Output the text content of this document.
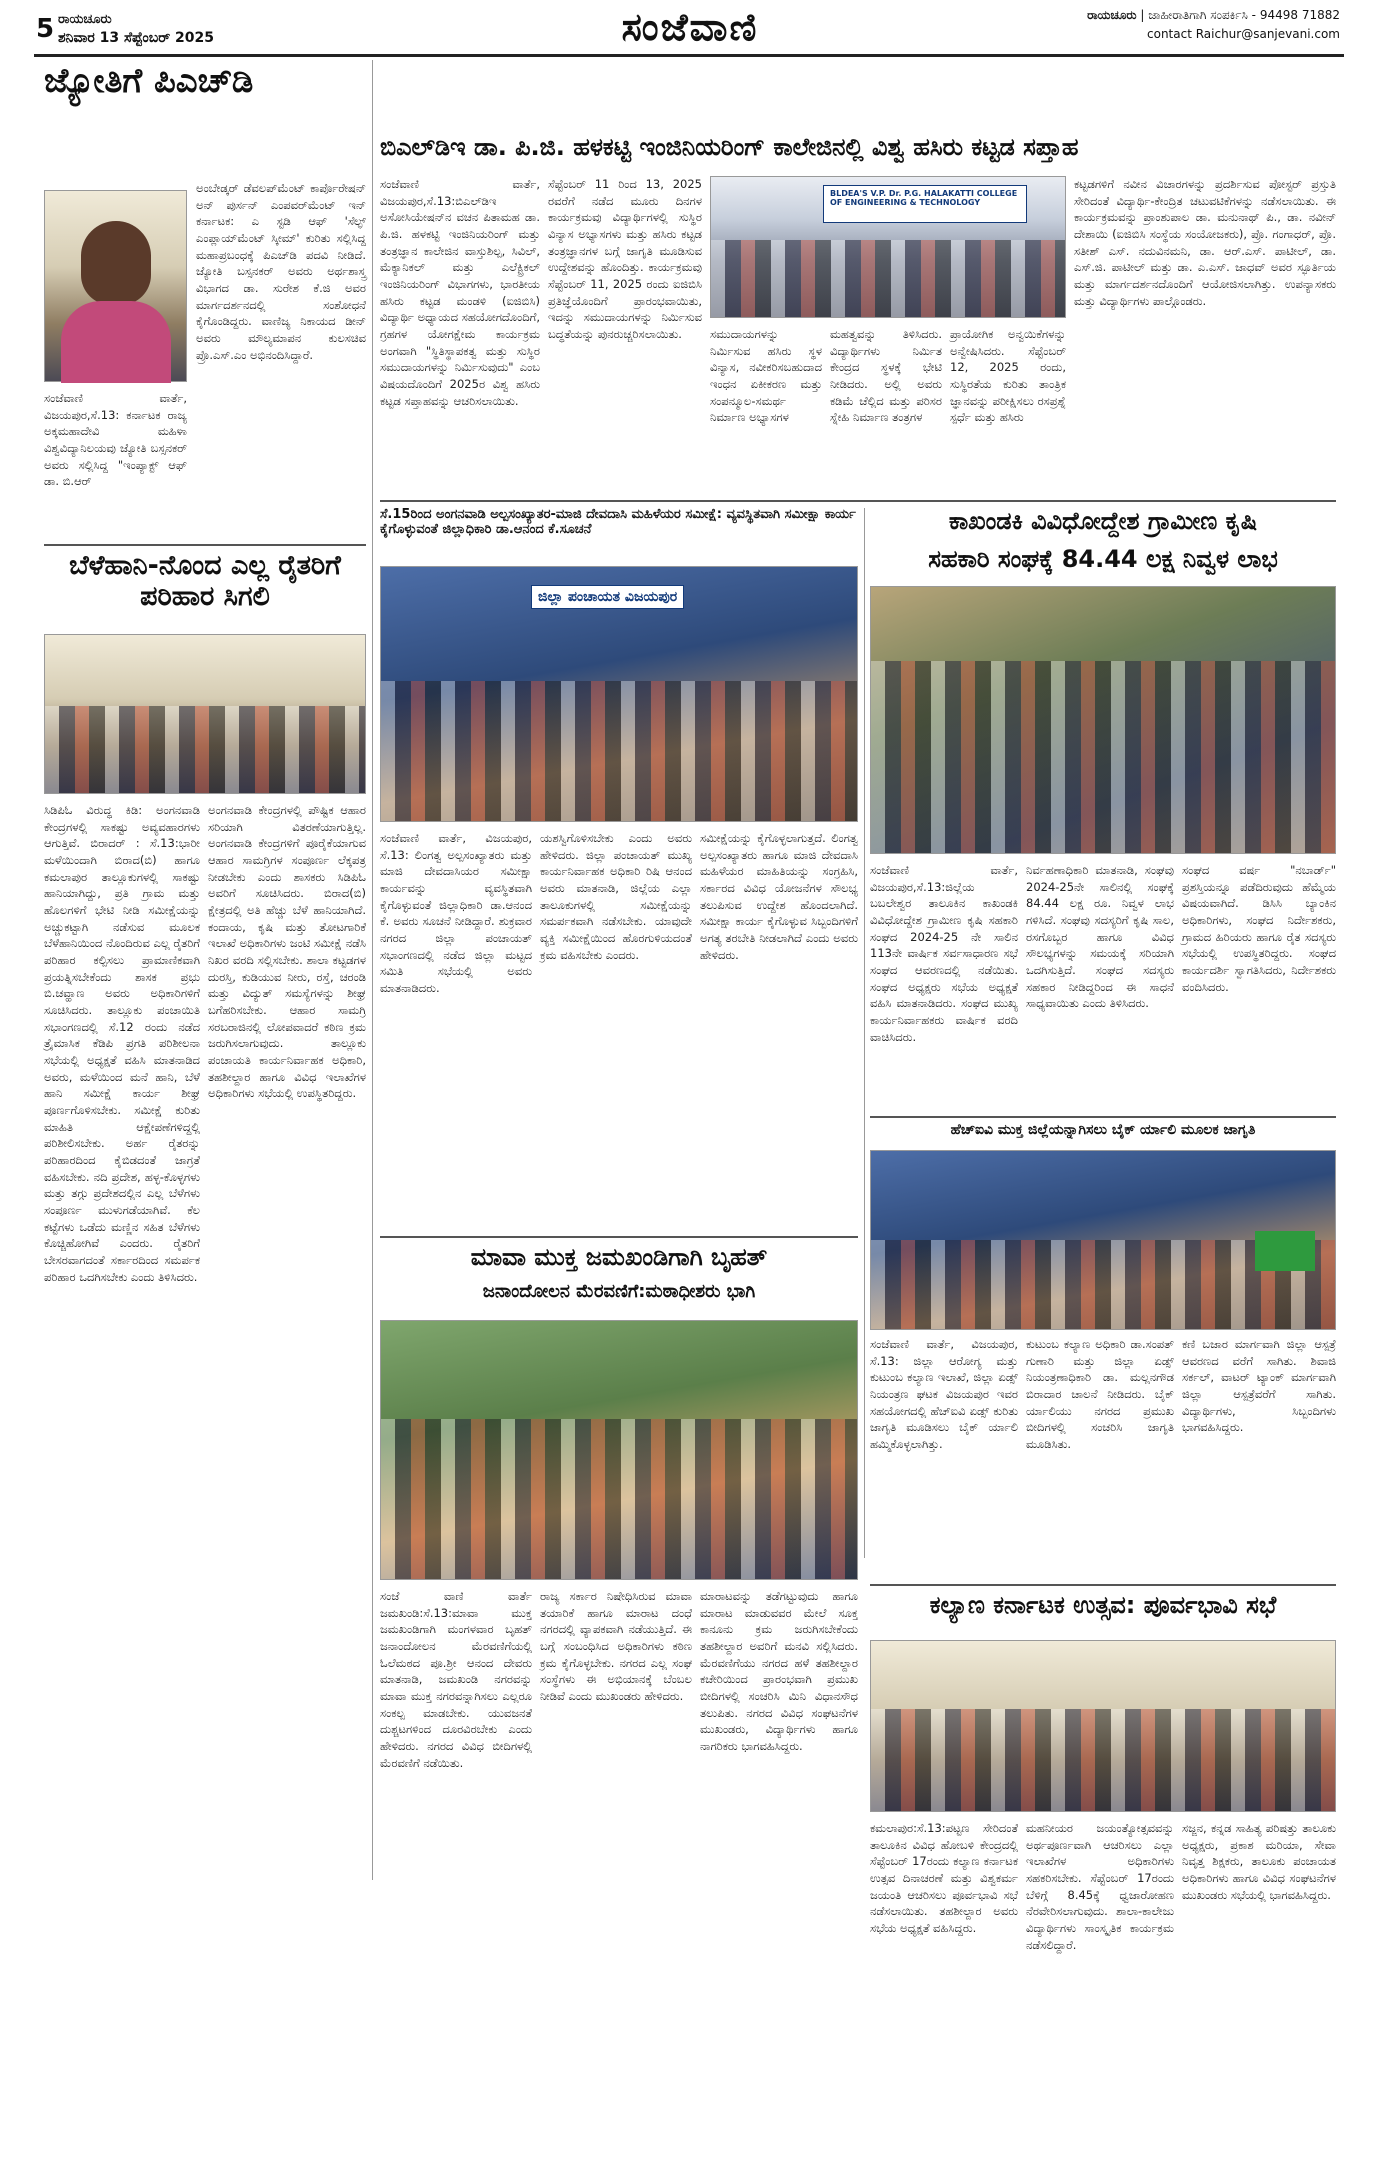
5 ರಾಯಚೂರು
ಶನಿವಾರ 13 ಸೆಪ್ಟೆಂಬರ್ 2025	ಸಂಜೆವಾಣಿ	ರಾಯಚೂರು | ಜಾಹೀರಾತಿಗಾಗಿ ಸಂಪರ್ಕಿಸಿ - 94498 71882
contact Raichur@sanjevani.com
ಜ್ಯೋತಿಗೆ ಪಿಎಚ್‌ಡಿ
ಅಂಬೇಡ್ಕರ್ ಡೆವಲಪ್‌ಮೆಂಟ್ ಕಾರ್ಪೊರೇಷನ್ ಅನ್ ಪುರ್ಸನ್ ಎಂಪವರ್‌ಮೆಂಟ್ ಇನ್ ಕರ್ನಾಟಕ: ಎ ಸ್ಟಡಿ ಆಫ್ 'ಸೆಲ್ಫ್ ಎಂಪ್ಲಾಯ್‌ಮೆಂಟ್ ಸ್ಕೀಮ್' ಕುರಿತು ಸಲ್ಲಿಸಿದ್ದ ಮಹಾಪ್ರಬಂಧಕ್ಕೆ ಪಿಎಚ್‌ಡಿ ಪದವಿ ನೀಡಿದೆ. ಜ್ಯೋತಿ ಬಸ್ಸನಕರ್ ಅವರು ಅರ್ಥಶಾಸ್ತ್ರ ವಿಭಾಗದ ಡಾ. ಸುರೇಶ ಕೆ.ಜಿ ಅವರ ಮಾರ್ಗದರ್ಶನದಲ್ಲಿ ಸಂಶೋಧನೆ ಕೈಗೊಂಡಿದ್ದರು. ವಾಣಿಜ್ಯ ನಿಕಾಯದ ಡೀನ್ ಅವರು ಮೌಲ್ಯಮಾಪನ ಕುಲಸಚಿವ ಪ್ರೊ.ಎಸ್.ಎಂ ಅಭಿನಂದಿಸಿದ್ದಾರೆ.
ಸಂಜೆವಾಣಿ ವಾರ್ತೆ, ವಿಜಯಪುರ,ಸೆ.13: ಕರ್ನಾಟಕ ರಾಜ್ಯ ಅಕ್ಕಮಹಾದೇವಿ ಮಹಿಳಾ ವಿಶ್ವವಿದ್ಯಾನಿಲಯವು ಜ್ಯೋತಿ ಬಸ್ಸನಕರ್ ಅವರು ಸಲ್ಲಿಸಿದ್ದ "ಇಂಪ್ಯಾಕ್ಟ್ ಆಫ್ ಡಾ. ಬಿ.ಆರ್
ಬಿಎಲ್‌ಡಿಇ ಡಾ. ಪಿ.ಜಿ. ಹಳಕಟ್ಟಿ ಇಂಜಿನಿಯರಿಂಗ್ ಕಾಲೇಜಿನಲ್ಲಿ ವಿಶ್ವ ಹಸಿರು ಕಟ್ಟಡ ಸಪ್ತಾಹ
ಸಂಜೆವಾಣಿ ವಾರ್ತೆ, ವಿಜಯಪುರ,ಸೆ.13:ಬಿಎಲ್‌ಡಿಇ ಅಸೋಸಿಯೇಷನ್‌ನ ವಚನ ಪಿತಾಮಹ ಡಾ. ಪಿ.ಜಿ. ಹಳಕಟ್ಟಿ ಇಂಜಿನಿಯರಿಂಗ್ ಮತ್ತು ತಂತ್ರಜ್ಞಾನ ಕಾಲೇಜಿನ ವಾಸ್ತುಶಿಲ್ಪ, ಸಿವಿಲ್, ಮೆಕ್ಯಾನಿಕಲ್ ಮತ್ತು ಎಲೆಕ್ಟ್ರಿಕಲ್ ಇಂಜಿನಿಯರಿಂಗ್ ವಿಭಾಗಗಳು, ಭಾರತೀಯ ಹಸಿರು ಕಟ್ಟಡ ಮಂಡಳಿ (ಐಜಿಬಿಸಿ) ವಿದ್ಯಾರ್ಥಿ ಅಧ್ಯಾಯದ ಸಹಯೋಗದೊಂದಿಗೆ, ಗ್ರಹಗಳ ಯೋಗಕ್ಷೇಮ ಕಾರ್ಯಕ್ರಮ ಅಂಗವಾಗಿ "ಸ್ಥಿತಿಸ್ಥಾಪಕತ್ವ ಮತ್ತು ಸುಸ್ಥಿರ ಸಮುದಾಯಗಳನ್ನು ನಿರ್ಮಿಸುವುದು" ಎಂಬ ವಿಷಯದೊಂದಿಗೆ 2025ರ ವಿಶ್ವ ಹಸಿರು ಕಟ್ಟಡ ಸಪ್ತಾಹವನ್ನು ಆಚರಿಸಲಾಯಿತು.
ಸೆಪ್ಟೆಂಬರ್ 11 ರಿಂದ 13, 2025 ರವರೆಗೆ ನಡೆದ ಮೂರು ದಿನಗಳ ಕಾರ್ಯಕ್ರಮವು ವಿದ್ಯಾರ್ಥಿಗಳಲ್ಲಿ ಸುಸ್ಥಿರ ವಿನ್ಯಾಸ ಅಭ್ಯಾಸಗಳು ಮತ್ತು ಹಸಿರು ಕಟ್ಟಡ ತಂತ್ರಜ್ಞಾನಗಳ ಬಗ್ಗೆ ಜಾಗೃತಿ ಮೂಡಿಸುವ ಉದ್ದೇಶವನ್ನು ಹೊಂದಿತ್ತು. ಕಾರ್ಯಕ್ರಮವು ಸೆಪ್ಟೆಂಬರ್ 11, 2025 ರಂದು ಐಜಿಬಿಸಿ ಪ್ರತಿಜ್ಞೆಯೊಂದಿಗೆ ಪ್ರಾರಂಭವಾಯಿತು, ಇದನ್ನು ಸಮುದಾಯಗಳನ್ನು ನಿರ್ಮಿಸುವ ಬದ್ಧತೆಯನ್ನು ಪುನರುಚ್ಚರಿಸಲಾಯಿತು.
BLDEA'S V.P. Dr. P.G. HALAKATTI COLLEGE OF ENGINEERING & TECHNOLOGY
ಸಮುದಾಯಗಳನ್ನು ನಿರ್ಮಿಸುವ ಹಸಿರು ಸ್ಥಳ ವಿನ್ಯಾಸ, ನವೀಕರಿಸಬಹುದಾದ ಇಂಧನ ಏಕೀಕರಣ ಮತ್ತು ಸಂಪನ್ಮೂಲ-ಸಮರ್ಥ ನಿರ್ಮಾಣ ಅಭ್ಯಾಸಗಳ
ಮಹತ್ವವನ್ನು ತಿಳಿಸಿದರು. ವಿದ್ಯಾರ್ಥಿಗಳು ನಿರ್ಮಿತ ಕೇಂದ್ರದ ಸ್ಥಳಕ್ಕೆ ಭೇಟಿ ನೀಡಿದರು. ಅಲ್ಲಿ ಅವರು ಕಡಿಮೆ ಚೆಲ್ಲಿದ ಮತ್ತು ಪರಿಸರ ಸ್ನೇಹಿ ನಿರ್ಮಾಣ ತಂತ್ರಗಳ
ಪ್ರಾಯೋಗಿಕ ಅನ್ವಯಿಕೆಗಳನ್ನು ಅನ್ವೇಷಿಸಿದರು. ಸೆಪ್ಟೆಂಬರ್ 12, 2025 ರಂದು, ಸುಸ್ಥಿರತೆಯ ಕುರಿತು ತಾಂತ್ರಿಕ ಜ್ಞಾನವನ್ನು ಪರೀಕ್ಷಿಸಲು ರಸಪ್ರಶ್ನೆ ಸ್ಪರ್ಧೆ ಮತ್ತು ಹಸಿರು
ಕಟ್ಟಡಗಳಿಗೆ ನವೀನ ವಿಚಾರಗಳನ್ನು ಪ್ರದರ್ಶಿಸುವ ಪೋಸ್ಟರ್ ಪ್ರಸ್ತುತಿ ಸೇರಿದಂತೆ ವಿದ್ಯಾರ್ಥಿ-ಕೇಂದ್ರಿತ ಚಟುವಟಿಕೆಗಳನ್ನು ನಡೆಸಲಾಯಿತು. ಈ ಕಾರ್ಯಕ್ರಮವನ್ನು ಪ್ರಾಂಶುಪಾಲ ಡಾ. ಮನುನಾಥ್ ಪಿ., ಡಾ. ನವೀನ್ ದೇಶಾಯಿ (ಐಜಿಬಿಸಿ ಸಂಸ್ಥೆಯ ಸಂಯೋಜಕರು), ಪ್ರೊ. ಗಂಗಾಧರ್, ಪ್ರೊ. ಸತೀಶ್ ಎಸ್. ನದುವಿನಮನಿ, ಡಾ. ಆರ್.ಎಸ್. ಪಾಟೀಲ್, ಡಾ. ಎಸ್.ಜಿ. ಪಾಟೀಲ್ ಮತ್ತು ಡಾ. ಎ.ಎಸ್. ಜಾಧವ್ ಅವರ ಸ್ಫೂರ್ತಿಯ ಮತ್ತು ಮಾರ್ಗದರ್ಶನದೊಂದಿಗೆ ಆಯೋಜಿಸಲಾಗಿತ್ತು. ಉಪನ್ಯಾಸಕರು ಮತ್ತು ವಿದ್ಯಾರ್ಥಿಗಳು ಪಾಲ್ಗೊಂಡರು.
ಸೆ.15ರಿಂದ ಅಂಗನವಾಡಿ ಅಲ್ಪಸಂಖ್ಯಾತರ-ಮಾಜಿ ದೇವದಾಸಿ ಮಹಿಳೆಯರ ಸಮೀಕ್ಷೆ: ವ್ಯವಸ್ಥಿತವಾಗಿ ಸಮೀಕ್ಷಾ ಕಾರ್ಯ ಕೈಗೊಳ್ಳುವಂತೆ ಜಿಲ್ಲಾಧಿಕಾರಿ ಡಾ.ಆನಂದ ಕೆ.ಸೂಚನೆ
ಜಿಲ್ಲಾ ಪಂಚಾಯತ ವಿಜಯಪುರ
ಸಂಜೆವಾಣಿ ವಾರ್ತೆ, ವಿಜಯಪುರ, ಸೆ.13: ಲಿಂಗತ್ವ ಅಲ್ಪಸಂಖ್ಯಾತರು ಮತ್ತು ಮಾಜಿ ದೇವದಾಸಿಯರ ಸಮೀಕ್ಷಾ ಕಾರ್ಯವನ್ನು ವ್ಯವಸ್ಥಿತವಾಗಿ ಕೈಗೊಳ್ಳುವಂತೆ ಜಿಲ್ಲಾಧಿಕಾರಿ ಡಾ.ಆನಂದ ಕೆ. ಅವರು ಸೂಚನೆ ನೀಡಿದ್ದಾರೆ. ಶುಕ್ರವಾರ ನಗರದ ಜಿಲ್ಲಾ ಪಂಚಾಯತ್ ಸಭಾಂಗಣದಲ್ಲಿ ನಡೆದ ಜಿಲ್ಲಾ ಮಟ್ಟದ ಸಮಿತಿ ಸಭೆಯಲ್ಲಿ ಅವರು ಮಾತನಾಡಿದರು.
ಯಶಸ್ವಿಗೊಳಿಸಬೇಕು ಎಂದು ಅವರು ಹೇಳಿದರು. ಜಿಲ್ಲಾ ಪಂಚಾಯತ್ ಮುಖ್ಯ ಕಾರ್ಯನಿರ್ವಾಹಕ ಅಧಿಕಾರಿ ರಿಷಿ ಆನಂದ ಅವರು ಮಾತನಾಡಿ, ಜಿಲ್ಲೆಯ ಎಲ್ಲಾ ತಾಲೂಕುಗಳಲ್ಲಿ ಸಮೀಕ್ಷೆಯನ್ನು ಸಮರ್ಪಕವಾಗಿ ನಡೆಸಬೇಕು. ಯಾವುದೇ ವ್ಯಕ್ತಿ ಸಮೀಕ್ಷೆಯಿಂದ ಹೊರಗುಳಿಯದಂತೆ ಕ್ರಮ ವಹಿಸಬೇಕು ಎಂದರು.
ಸಮೀಕ್ಷೆಯನ್ನು ಕೈಗೊಳ್ಳಲಾಗುತ್ತದೆ. ಲಿಂಗತ್ವ ಅಲ್ಪಸಂಖ್ಯಾತರು ಹಾಗೂ ಮಾಜಿ ದೇವದಾಸಿ ಮಹಿಳೆಯರ ಮಾಹಿತಿಯನ್ನು ಸಂಗ್ರಹಿಸಿ, ಸರ್ಕಾರದ ವಿವಿಧ ಯೋಜನೆಗಳ ಸೌಲಭ್ಯ ತಲುಪಿಸುವ ಉದ್ದೇಶ ಹೊಂದಲಾಗಿದೆ. ಸಮೀಕ್ಷಾ ಕಾರ್ಯ ಕೈಗೊಳ್ಳುವ ಸಿಬ್ಬಂದಿಗಳಿಗೆ ಅಗತ್ಯ ತರಬೇತಿ ನೀಡಲಾಗಿದೆ ಎಂದು ಅವರು ಹೇಳಿದರು.
ಬೆಳೆಹಾನಿ-ನೊಂದ ಎಲ್ಲ ರೈತರಿಗೆ ಪರಿಹಾರ ಸಿಗಲಿ
ಸಿಡಿಪಿಓ ವಿರುದ್ಧ ಕಿಡಿ: ಅಂಗನವಾಡಿ ಕೇಂದ್ರಗಳಲ್ಲಿ ಸಾಕಷ್ಟು ಅವ್ಯವಹಾರಗಳು ಆಗುತ್ತಿವೆ. ಬಿರಾದರ್ : ಸೆ.13:ಭಾರೀ ಮಳೆಯಿಂದಾಗಿ ಬಿರಾದ(ಬಿ) ಹಾಗೂ ಕಮಲಾಪುರ ತಾಲ್ಲೂಕುಗಳಲ್ಲಿ ಸಾಕಷ್ಟು ಹಾನಿಯಾಗಿದ್ದು, ಪ್ರತಿ ಗ್ರಾಮ ಮತ್ತು ಹೊಲಗಳಿಗೆ ಭೇಟಿ ನೀಡಿ ಸಮೀಕ್ಷೆಯನ್ನು ಅಚ್ಚುಕಟ್ಟಾಗಿ ನಡೆಸುವ ಮೂಲಕ ಬೆಳೆಹಾನಿಯಿಂದ ನೊಂದಿರುವ ಎಲ್ಲ ರೈತರಿಗೆ ಪರಿಹಾರ ಕಲ್ಪಿಸಲು ಪ್ರಾಮಾಣಿಕವಾಗಿ ಪ್ರಯತ್ನಿಸಬೇಕೆಂದು ಶಾಸಕ ಪ್ರಭು ಬಿ.ಚವ್ಹಾಣ ಅವರು ಅಧಿಕಾರಿಗಳಿಗೆ ಸೂಚಿಸಿದರು. ತಾಲ್ಲೂಕು ಪಂಚಾಯಿತಿ ಸಭಾಂಗಣದಲ್ಲಿ ಸೆ.12 ರಂದು ನಡೆದ ತ್ರೈಮಾಸಿಕ ಕೆಡಿಪಿ ಪ್ರಗತಿ ಪರಿಶೀಲನಾ ಸಭೆಯಲ್ಲಿ ಅಧ್ಯಕ್ಷತೆ ವಹಿಸಿ ಮಾತನಾಡಿದ ಅವರು, ಮಳೆಯಿಂದ ಮನೆ ಹಾನಿ, ಬೆಳೆ ಹಾನಿ ಸಮೀಕ್ಷೆ ಕಾರ್ಯ ಶೀಘ್ರ ಪೂರ್ಣಗೊಳಿಸಬೇಕು. ಸಮೀಕ್ಷೆ ಕುರಿತು ಮಾಹಿತಿ ಆಕ್ಷೇಪಣೆಗಳಿದ್ದಲ್ಲಿ ಪರಿಶೀಲಿಸಬೇಕು. ಅರ್ಹ ರೈತರನ್ನು ಪರಿಹಾರದಿಂದ ಕೈಬಿಡದಂತೆ ಜಾಗ್ರತೆ ವಹಿಸಬೇಕು. ನದಿ ಪ್ರದೇಶ, ಹಳ್ಳ-ಕೊಳ್ಳಗಳು ಮತ್ತು ತಗ್ಗು ಪ್ರದೇಶದಲ್ಲಿನ ಎಲ್ಲ ಬೆಳೆಗಳು ಸಂಪೂರ್ಣ ಮುಳುಗಡೆಯಾಗಿವೆ. ಕೆಲ ಕಟ್ಟೆಗಳು ಒಡೆದು ಮಣ್ಣಿನ ಸಹಿತ ಬೆಳೆಗಳು ಕೊಚ್ಚಿಹೋಗಿವೆ ಎಂದರು. ರೈತರಿಗೆ ಬೇಸರವಾಗದಂತೆ ಸರ್ಕಾರದಿಂದ ಸಮರ್ಪಕ ಪರಿಹಾರ ಒದಗಿಸಬೇಕು ಎಂದು ತಿಳಿಸಿದರು.
ಅಂಗನವಾಡಿ ಕೇಂದ್ರಗಳಲ್ಲಿ ಪೌಷ್ಟಿಕ ಆಹಾರ ಸರಿಯಾಗಿ ವಿತರಣೆಯಾಗುತ್ತಿಲ್ಲ. ಅಂಗನವಾಡಿ ಕೇಂದ್ರಗಳಿಗೆ ಪೂರೈಕೆಯಾಗುವ ಆಹಾರ ಸಾಮಗ್ರಿಗಳ ಸಂಪೂರ್ಣ ಲೆಕ್ಕಪತ್ರ ನೀಡಬೇಕು ಎಂದು ಶಾಸಕರು ಸಿಡಿಪಿಓ ಅವರಿಗೆ ಸೂಚಿಸಿದರು. ಬಿರಾದ(ಬಿ) ಕ್ಷೇತ್ರದಲ್ಲಿ ಅತಿ ಹೆಚ್ಚು ಬೆಳೆ ಹಾನಿಯಾಗಿದೆ. ಕಂದಾಯ, ಕೃಷಿ ಮತ್ತು ತೋಟಗಾರಿಕೆ ಇಲಾಖೆ ಅಧಿಕಾರಿಗಳು ಜಂಟಿ ಸಮೀಕ್ಷೆ ನಡೆಸಿ ನಿಖರ ವರದಿ ಸಲ್ಲಿಸಬೇಕು. ಶಾಲಾ ಕಟ್ಟಡಗಳ ದುರಸ್ತಿ, ಕುಡಿಯುವ ನೀರು, ರಸ್ತೆ, ಚರಂಡಿ ಮತ್ತು ವಿದ್ಯುತ್ ಸಮಸ್ಯೆಗಳನ್ನು ಶೀಘ್ರ ಬಗೆಹರಿಸಬೇಕು. ಆಹಾರ ಸಾಮಗ್ರಿ ಸರಬರಾಜಿನಲ್ಲಿ ಲೋಪವಾದರೆ ಕಠಿಣ ಕ್ರಮ ಜರುಗಿಸಲಾಗುವುದು. ತಾಲ್ಲೂಕು ಪಂಚಾಯತಿ ಕಾರ್ಯನಿರ್ವಾಹಕ ಅಧಿಕಾರಿ, ತಹಶೀಲ್ದಾರ ಹಾಗೂ ವಿವಿಧ ಇಲಾಖೆಗಳ ಅಧಿಕಾರಿಗಳು ಸಭೆಯಲ್ಲಿ ಉಪಸ್ಥಿತರಿದ್ದರು.
ಮಾವಾ ಮುಕ್ತ ಜಮಖಂಡಿಗಾಗಿ ಬೃಹತ್
ಜನಾಂದೋಲನ ಮೆರವಣಿಗೆ:ಮಠಾಧೀಶರು ಭಾಗಿ
ಸಂಜೆ ವಾಣಿ ವಾರ್ತೆ ಜಮಖಂಡಿ:ಸೆ.13:ಮಾವಾ ಮುಕ್ತ ಜಮಖಂಡಿಗಾಗಿ ಮಂಗಳವಾರ ಬೃಹತ್ ಜನಾಂದೋಲನ ಮೆರವಣಿಗೆಯಲ್ಲಿ ಓಲೆಮಠದ ಪೂ.ಶ್ರೀ ಆನಂದ ದೇವರು ಮಾತನಾಡಿ, ಜಮಖಂಡಿ ನಗರವನ್ನು ಮಾವಾ ಮುಕ್ತ ನಗರವನ್ನಾಗಿಸಲು ಎಲ್ಲರೂ ಸಂಕಲ್ಪ ಮಾಡಬೇಕು. ಯುವಜನತೆ ದುಶ್ಚಟಗಳಿಂದ ದೂರವಿರಬೇಕು ಎಂದು ಹೇಳಿದರು. ನಗರದ ವಿವಿಧ ಬೀದಿಗಳಲ್ಲಿ ಮೆರವಣಿಗೆ ನಡೆಯಿತು.
ರಾಜ್ಯ ಸರ್ಕಾರ ನಿಷೇಧಿಸಿರುವ ಮಾವಾ ತಯಾರಿಕೆ ಹಾಗೂ ಮಾರಾಟ ದಂಧೆ ನಗರದಲ್ಲಿ ವ್ಯಾಪಕವಾಗಿ ನಡೆಯುತ್ತಿದೆ. ಈ ಬಗ್ಗೆ ಸಂಬಂಧಿಸಿದ ಅಧಿಕಾರಿಗಳು ಕಠಿಣ ಕ್ರಮ ಕೈಗೊಳ್ಳಬೇಕು. ನಗರದ ಎಲ್ಲ ಸಂಘ ಸಂಸ್ಥೆಗಳು ಈ ಅಭಿಯಾನಕ್ಕೆ ಬೆಂಬಲ ನೀಡಿವೆ ಎಂದು ಮುಖಂಡರು ಹೇಳಿದರು.
ಮಾರಾಟವನ್ನು ತಡೆಗಟ್ಟುವುದು ಹಾಗೂ ಮಾರಾಟ ಮಾಡುವವರ ಮೇಲೆ ಸೂಕ್ತ ಕಾನೂನು ಕ್ರಮ ಜರುಗಿಸಬೇಕೆಂದು ತಹಶೀಲ್ದಾರ ಅವರಿಗೆ ಮನವಿ ಸಲ್ಲಿಸಿದರು. ಮೆರವಣಿಗೆಯು ನಗರದ ಹಳೆ ತಹಶೀಲ್ದಾರ ಕಚೇರಿಯಿಂದ ಪ್ರಾರಂಭವಾಗಿ ಪ್ರಮುಖ ಬೀದಿಗಳಲ್ಲಿ ಸಂಚರಿಸಿ ಮಿನಿ ವಿಧಾನಸೌಧ ತಲುಪಿತು. ನಗರದ ವಿವಿಧ ಸಂಘಟನೆಗಳ ಮುಖಂಡರು, ವಿದ್ಯಾರ್ಥಿಗಳು ಹಾಗೂ ನಾಗರಿಕರು ಭಾಗವಹಿಸಿದ್ದರು.
ಕಾಖಂಡಕಿ ವಿವಿಧೋದ್ದೇಶ ಗ್ರಾಮೀಣ ಕೃಷಿ
ಸಹಕಾರಿ ಸಂಘಕ್ಕೆ 84.44 ಲಕ್ಷ ನಿವ್ವಳ ಲಾಭ
ಸಂಜೆವಾಣಿ ವಾರ್ತೆ, ವಿಜಯಪುರ,ಸೆ.13:ಜಿಲ್ಲೆಯ ಬಬಲೇಶ್ವರ ತಾಲೂಕಿನ ಕಾಖಂಡಕಿ ವಿವಿಧೋದ್ದೇಶ ಗ್ರಾಮೀಣ ಕೃಷಿ ಸಹಕಾರಿ ಸಂಘದ 2024-25 ನೇ ಸಾಲಿನ 113ನೇ ವಾರ್ಷಿಕ ಸರ್ವಸಾಧಾರಣ ಸಭೆ ಸಂಘದ ಆವರಣದಲ್ಲಿ ನಡೆಯಿತು. ಸಂಘದ ಅಧ್ಯಕ್ಷರು ಸಭೆಯ ಅಧ್ಯಕ್ಷತೆ ವಹಿಸಿ ಮಾತನಾಡಿದರು. ಸಂಘದ ಮುಖ್ಯ ಕಾರ್ಯನಿರ್ವಾಹಕರು ವಾರ್ಷಿಕ ವರದಿ ವಾಚಿಸಿದರು.
ನಿರ್ವಹಣಾಧಿಕಾರಿ ಮಾತನಾಡಿ, ಸಂಘವು 2024-25ನೇ ಸಾಲಿನಲ್ಲಿ ಸಂಘಕ್ಕೆ 84.44 ಲಕ್ಷ ರೂ. ನಿವ್ವಳ ಲಾಭ ಗಳಿಸಿದೆ. ಸಂಘವು ಸದಸ್ಯರಿಗೆ ಕೃಷಿ ಸಾಲ, ರಸಗೊಬ್ಬರ ಹಾಗೂ ವಿವಿಧ ಸೌಲಭ್ಯಗಳನ್ನು ಸಮಯಕ್ಕೆ ಸರಿಯಾಗಿ ಒದಗಿಸುತ್ತಿದೆ. ಸಂಘದ ಸದಸ್ಯರು ಸಹಕಾರ ನೀಡಿದ್ದರಿಂದ ಈ ಸಾಧನೆ ಸಾಧ್ಯವಾಯಿತು ಎಂದು ತಿಳಿಸಿದರು.
ಸಂಘದ ವರ್ಷ "ನಬಾರ್ಡ್" ಪ್ರಶಸ್ತಿಯನ್ನೂ ಪಡೆದಿರುವುದು ಹೆಮ್ಮೆಯ ವಿಷಯವಾಗಿದೆ. ಡಿಸಿಸಿ ಬ್ಯಾಂಕಿನ ಅಧಿಕಾರಿಗಳು, ಸಂಘದ ನಿರ್ದೇಶಕರು, ಗ್ರಾಮದ ಹಿರಿಯರು ಹಾಗೂ ರೈತ ಸದಸ್ಯರು ಸಭೆಯಲ್ಲಿ ಉಪಸ್ಥಿತರಿದ್ದರು. ಸಂಘದ ಕಾರ್ಯದರ್ಶಿ ಸ್ವಾಗತಿಸಿದರು, ನಿರ್ದೇಶಕರು ವಂದಿಸಿದರು.
ಹೆಚ್‌ಐವಿ ಮುಕ್ತ ಜಿಲ್ಲೆಯನ್ನಾಗಿಸಲು ಬೈಕ್ ರ್ಯಾಲಿ ಮೂಲಕ ಜಾಗೃತಿ
ಸಂಜೆವಾಣಿ ವಾರ್ತೆ, ವಿಜಯಪುರ, ಸೆ.13: ಜಿಲ್ಲಾ ಆರೋಗ್ಯ ಮತ್ತು ಕುಟುಂಬ ಕಲ್ಯಾಣ ಇಲಾಖೆ, ಜಿಲ್ಲಾ ಏಡ್ಸ್ ನಿಯಂತ್ರಣ ಘಟಕ ವಿಜಯಪುರ ಇವರ ಸಹಯೋಗದಲ್ಲಿ ಹೆಚ್‌ಐವಿ ಏಡ್ಸ್ ಕುರಿತು ಜಾಗೃತಿ ಮೂಡಿಸಲು ಬೈಕ್ ರ್ಯಾಲಿ ಹಮ್ಮಿಕೊಳ್ಳಲಾಗಿತ್ತು.
ಕುಟುಂಬ ಕಲ್ಯಾಣ ಅಧಿಕಾರಿ ಡಾ.ಸಂಪತ್ ಗುಣಾರಿ ಮತ್ತು ಜಿಲ್ಲಾ ಏಡ್ಸ್ ನಿಯಂತ್ರಣಾಧಿಕಾರಿ ಡಾ. ಮಲ್ಲನಗೌಡ ಬಿರಾದಾರ ಚಾಲನೆ ನೀಡಿದರು. ಬೈಕ್ ರ್ಯಾಲಿಯು ನಗರದ ಪ್ರಮುಖ ಬೀದಿಗಳಲ್ಲಿ ಸಂಚರಿಸಿ ಜಾಗೃತಿ ಮೂಡಿಸಿತು.
ಕಣಿ ಬಜಾರ ಮಾರ್ಗವಾಗಿ ಜಿಲ್ಲಾ ಆಸ್ಪತ್ರೆ ಆವರಣದ ವರೆಗೆ ಸಾಗಿತು. ಶಿವಾಜಿ ಸರ್ಕಲ್, ವಾಟರ್ ಟ್ಯಾಂಕ್ ಮಾರ್ಗವಾಗಿ ಜಿಲ್ಲಾ ಆಸ್ಪತ್ರೆವರೆಗೆ ಸಾಗಿತು. ವಿದ್ಯಾರ್ಥಿಗಳು, ಸಿಬ್ಬಂದಿಗಳು ಭಾಗವಹಿಸಿದ್ದರು.
ಕಲ್ಯಾಣ ಕರ್ನಾಟಕ ಉತ್ಸವ: ಪೂರ್ವಭಾವಿ ಸಭೆ
ಕಮಲಾಪುರ:ಸೆ.13:ಪಟ್ಟಣ ಸೇರಿದಂತೆ ತಾಲೂಕಿನ ವಿವಿಧ ಹೋಬಳಿ ಕೇಂದ್ರದಲ್ಲಿ ಸೆಪ್ಟೆಂಬರ್ 17ರಂದು ಕಲ್ಯಾಣ ಕರ್ನಾಟಕ ಉತ್ಸವ ದಿನಾಚರಣೆ ಮತ್ತು ವಿಶ್ವಕರ್ಮ ಜಯಂತಿ ಆಚರಿಸಲು ಪೂರ್ವಭಾವಿ ಸಭೆ ನಡೆಸಲಾಯಿತು. ತಹಶೀಲ್ದಾರ ಅವರು ಸಭೆಯ ಅಧ್ಯಕ್ಷತೆ ವಹಿಸಿದ್ದರು.
ಮಹನೀಯರ ಜಯಂತ್ಯೋತ್ಸವವನ್ನು ಅರ್ಥಪೂರ್ಣವಾಗಿ ಆಚರಿಸಲು ಎಲ್ಲಾ ಇಲಾಖೆಗಳ ಅಧಿಕಾರಿಗಳು ಸಹಕರಿಸಬೇಕು. ಸೆಪ್ಟೆಂಬರ್ 17ರಂದು ಬೆಳಿಗ್ಗೆ 8.45ಕ್ಕೆ ಧ್ವಜಾರೋಹಣ ನೆರವೇರಿಸಲಾಗುವುದು. ಶಾಲಾ-ಕಾಲೇಜು ವಿದ್ಯಾರ್ಥಿಗಳು ಸಾಂಸ್ಕೃತಿಕ ಕಾರ್ಯಕ್ರಮ ನಡೆಸಲಿದ್ದಾರೆ.
ಸಜ್ಜನ, ಕನ್ನಡ ಸಾಹಿತ್ಯ ಪರಿಷತ್ತು ತಾಲೂಕು ಅಧ್ಯಕ್ಷರು, ಪ್ರಕಾಶ ಮರಿಯಾ, ಸೇವಾ ನಿವೃತ್ತ ಶಿಕ್ಷಕರು, ತಾಲೂಕು ಪಂಚಾಯತ ಅಧಿಕಾರಿಗಳು ಹಾಗೂ ವಿವಿಧ ಸಂಘಟನೆಗಳ ಮುಖಂಡರು ಸಭೆಯಲ್ಲಿ ಭಾಗವಹಿಸಿದ್ದರು.
